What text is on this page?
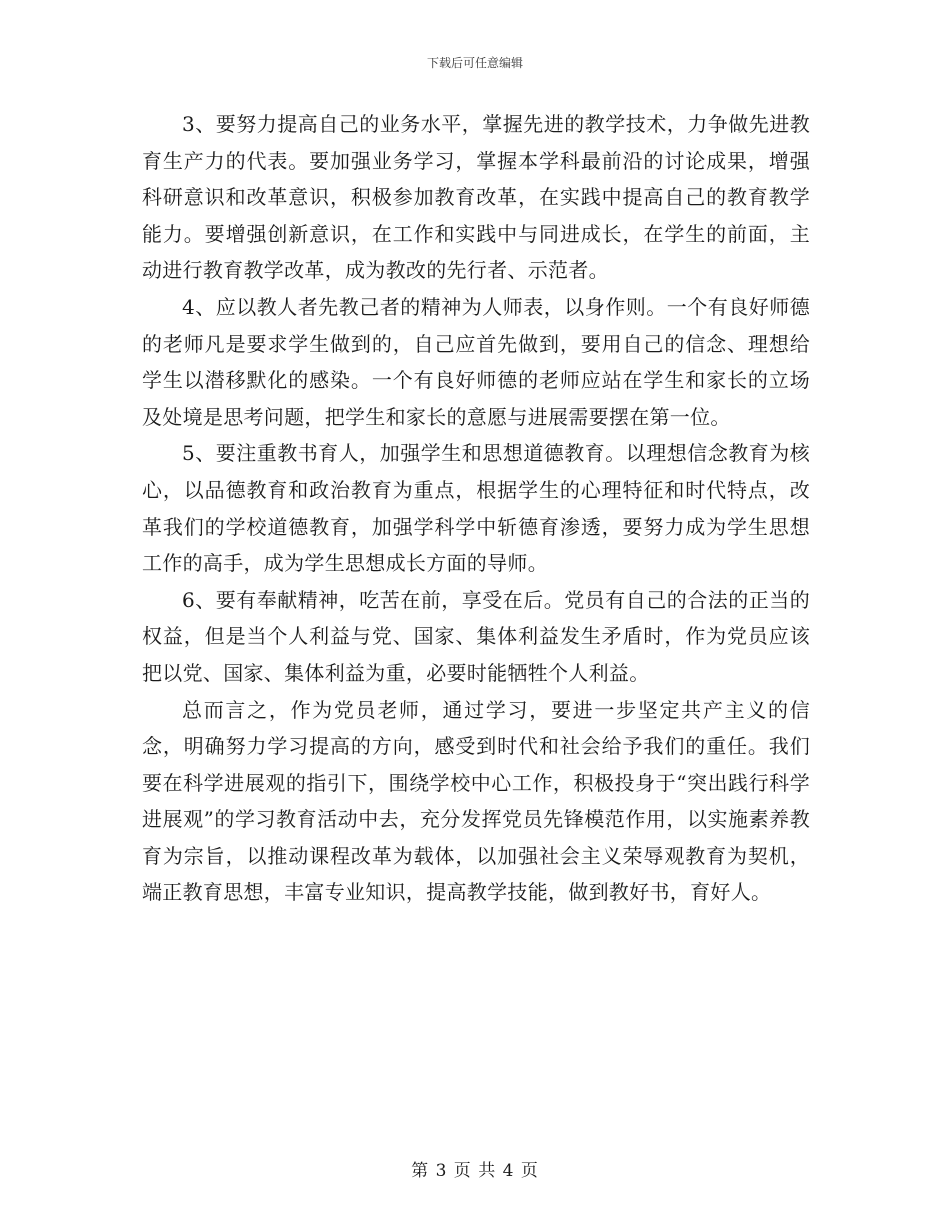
下载后可任意编辑

3、要努力提高自己的业务水平，掌握先进的教学技术，力争做先进教育生产力的代表。要加强业务学习，掌握本学科最前沿的讨论成果，增强科研意识和改革意识，积极参加教育改革，在实践中提高自己的教育教学能力。要增强创新意识，在工作和实践中与同进成长，在学生的前面，主动进行教育教学改革，成为教改的先行者、示范者。

4、应以教人者先教己者的精神为人师表，以身作则。一个有良好师德的老师凡是要求学生做到的，自己应首先做到，要用自己的信念、理想给学生以潜移默化的感染。一个有良好师德的老师应站在学生和家长的立场及处境是思考问题，把学生和家长的意愿与进展需要摆在第一位。

5、要注重教书育人，加强学生和思想道德教育。以理想信念教育为核心，以品德教育和政治教育为重点，根据学生的心理特征和时代特点，改革我们的学校道德教育，加强学科学中斩德育渗透，要努力成为学生思想工作的高手，成为学生思想成长方面的导师。

6、要有奉献精神，吃苦在前，享受在后。党员有自己的合法的正当的权益，但是当个人利益与党、国家、集体利益发生矛盾时，作为党员应该把以党、国家、集体利益为重，必要时能牺牲个人利益。

总而言之，作为党员老师，通过学习，要进一步坚定共产主义的信念，明确努力学习提高的方向，感受到时代和社会给予我们的重任。我们要在科学进展观的指引下，围绕学校中心工作，积极投身于“突出践行科学进展观”的学习教育活动中去，充分发挥党员先锋模范作用，以实施素养教育为宗旨，以推动课程改革为载体，以加强社会主义荣辱观教育为契机，端正教育思想，丰富专业知识，提高教学技能，做到教好书，育好人。

第 3 页 共 4 页
